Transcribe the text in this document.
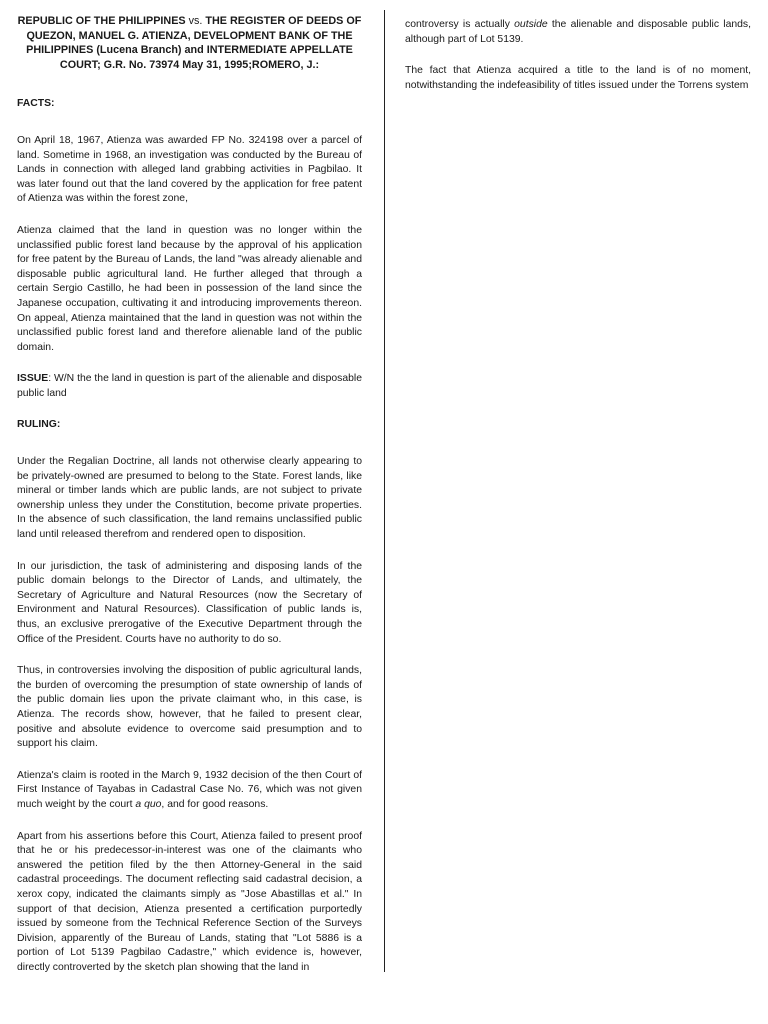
REPUBLIC OF THE PHILIPPINES vs. THE REGISTER OF DEEDS OF QUEZON, MANUEL G. ATIENZA, DEVELOPMENT BANK OF THE PHILIPPINES (Lucena Branch) and INTERMEDIATE APPELLATE COURT; G.R. No. 73974 May 31, 1995;ROMERO, J.:
FACTS:

On April 18, 1967, Atienza was awarded FP No. 324198 over a parcel of land. Sometime in 1968, an investigation was conducted by the Bureau of Lands in connection with alleged land grabbing activities in Pagbilao. It was later found out that the land covered by the application for free patent of Atienza was within the forest zone,

Atienza claimed that the land in question was no longer within the unclassified public forest land because by the approval of his application for free patent by the Bureau of Lands, the land "was already alienable and disposable public agricultural land. He further alleged that through a certain Sergio Castillo, he had been in possession of the land since the Japanese occupation, cultivating it and introducing improvements thereon. On appeal, Atienza maintained that the land in question was not within the unclassified public forest land and therefore alienable land of the public domain.

ISSUE: W/N the the land in question is part of the alienable and disposable public land

RULING:

Under the Regalian Doctrine, all lands not otherwise clearly appearing to be privately-owned are presumed to belong to the State. Forest lands, like mineral or timber lands which are public lands, are not subject to private ownership unless they under the Constitution, become private properties. In the absence of such classification, the land remains unclassified public land until released therefrom and rendered open to disposition.

In our jurisdiction, the task of administering and disposing lands of the public domain belongs to the Director of Lands, and ultimately, the Secretary of Agriculture and Natural Resources (now the Secretary of Environment and Natural Resources). Classification of public lands is, thus, an exclusive prerogative of the Executive Department through the Office of the President. Courts have no authority to do so.

Thus, in controversies involving the disposition of public agricultural lands, the burden of overcoming the presumption of state ownership of lands of the public domain lies upon the private claimant who, in this case, is Atienza. The records show, however, that he failed to present clear, positive and absolute evidence to overcome said presumption and to support his claim.

Atienza's claim is rooted in the March 9, 1932 decision of the then Court of First Instance of Tayabas in Cadastral Case No. 76, which was not given much weight by the court a quo, and for good reasons.

Apart from his assertions before this Court, Atienza failed to present proof that he or his predecessor-in-interest was one of the claimants who answered the petition filed by the then Attorney-General in the said cadastral proceedings. The document reflecting said cadastral decision, a xerox copy, indicated the claimants simply as "Jose Abastillas et al." In support of that decision, Atienza presented a certification purportedly issued by someone from the Technical Reference Section of the Surveys Division, apparently of the Bureau of Lands, stating that "Lot 5886 is a portion of Lot 5139 Pagbilao Cadastre," which evidence is, however, directly controverted by the sketch plan showing that the land in

controversy is actually outside the alienable and disposable public lands, although part of Lot 5139.

The fact that Atienza acquired a title to the land is of no moment, notwithstanding the indefeasibility of titles issued under the Torrens system
